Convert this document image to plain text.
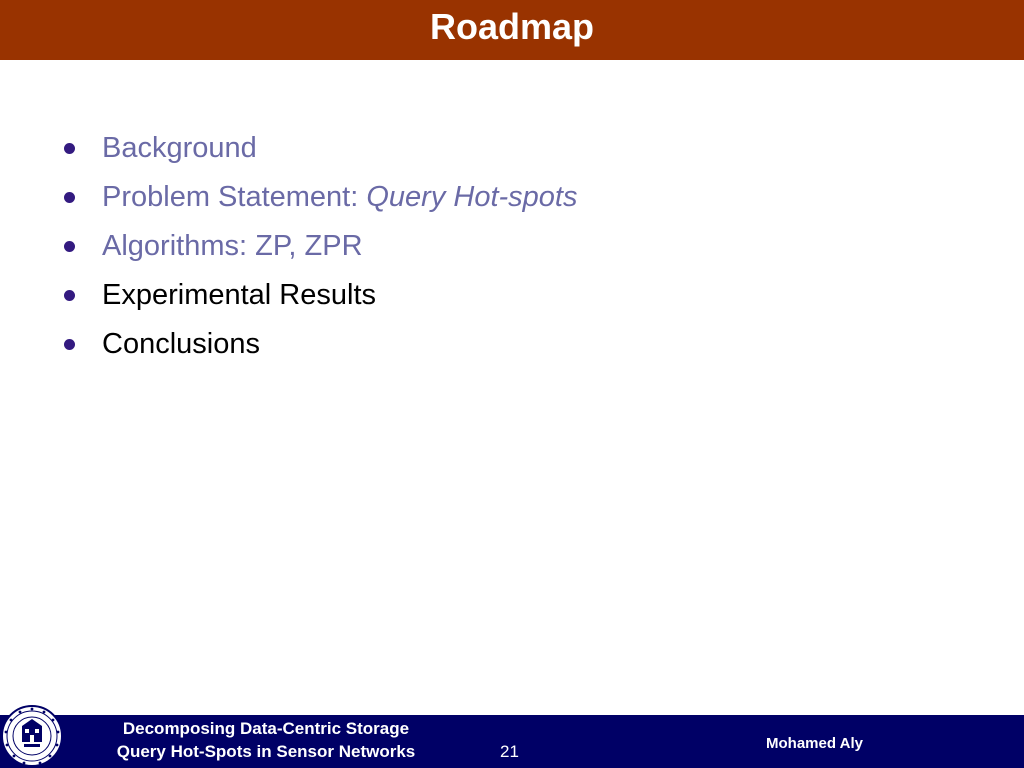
Roadmap
Background
Problem Statement: Query Hot-spots
Algorithms: ZP, ZPR
Experimental Results
Conclusions
Decomposing Data-Centric Storage
Query Hot-Spots in Sensor Networks	21	Mohamed Aly
